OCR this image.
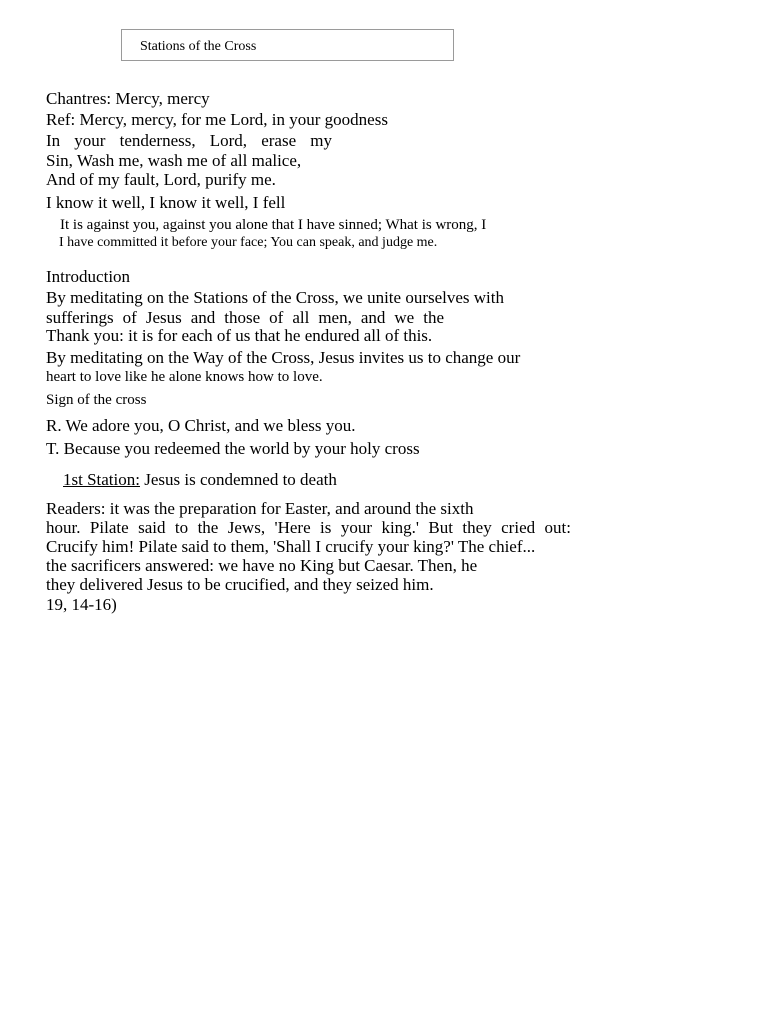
Stations of the Cross
Chantres: Mercy, mercy
Ref: Mercy, mercy, for me Lord, in your goodness
In your tenderness, Lord, erase my
Sin, Wash me, wash me of all malice,
And of my fault, Lord, purify me.
I know it well, I know it well, I fell
It is against you, against you alone that I have sinned; What is wrong, I
I have committed it before your face; You can speak, and judge me.
Introduction
By meditating on the Stations of the Cross, we unite ourselves with
sufferings of Jesus and those of all men, and we the
Thank you: it is for each of us that he endured all of this.
By meditating on the Way of the Cross, Jesus invites us to change our
heart to love like he alone knows how to love.
Sign of the cross
R. We adore you, O Christ, and we bless you.
T. Because you redeemed the world by your holy cross
1st Station: Jesus is condemned to death
Readers: it was the preparation for Easter, and around the sixth
hour. Pilate said to the Jews, 'Here is your king.' But they cried out:
Crucify him! Pilate said to them, 'Shall I crucify your king?' The chief...
the sacrificers answered: we have no King but Caesar. Then, he
they delivered Jesus to be crucified, and they seized him.
19, 14-16)
